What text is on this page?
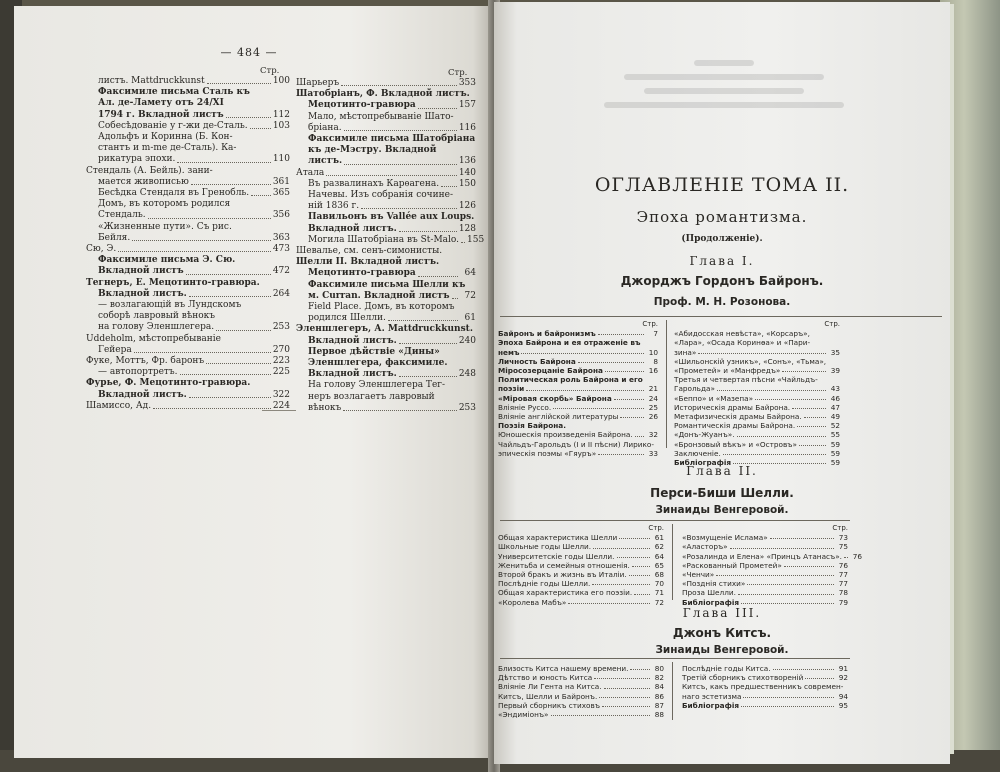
— 484 —
Стр.
листъ. Mattdruckkunst	100
Факсимиле письма Сталь къ
Ал. де-Ламету отъ 24/XI
1794 г. Вкладной листъ	112
Собесѣдованіе у г-жи де-Сталь.	103
Адольфъ и Коринна (Б. Кон-
стантъ и m-me де-Сталь). Ка-
рикатура эпохи.	110
Стендаль (А. Бейль). зани-
мается живописью	361
Бесѣдка Стендаля въ Гренобль.	365
Домъ, въ которомъ родился
Стендаль.	356
«Жизненные пути». Съ рис.
Бейля.	363
Сю, Э.	473
Факсимиле письма Э. Сю.
Вкладной листъ	472
Тегнеръ, Е. Мецотинто-гравюра.
Вкладной листъ.	264
— возлагающій въ Лундскомъ
соборѣ лавровый вѣнокъ
на голову Эленшлегера.	253
Uddeholm, мѣстопребываніе
Гейера	270
Фуке, Моттъ, Фр. баронъ	223
— автопортретъ.	225
Фурье, Ф. Мецотинто-гравюра.
Вкладной листъ.	322
Шамиссо, Ад.	224
Стр.
Шарьеръ	353
Шатобріанъ, Ф. Вкладной листъ.
Мецотинто-гравюра	157
Мало, мѣстопребываніе Шато-
бріана.	116
Факсимиле письма Шатобріана
къ де-Мэстру. Вкладной
листъ.	136
Атала	140
Въ развалинахъ Карѳагена. 150
Начевы. Изъ собранія сочине-
ній 1836 г.	126
Павильонъ въ Vallée aux Loups.
Вкладной листъ.	128
Могила Шатобріана въ St-Malo. 155
Шевалье, см. сенъ-симонисты.
Шелли II. Вкладной листъ.
Мецотинто-гравюра	64
Факсимиле письма Шелли къ
м. Curran. Вкладной листъ	72
Field Place. Домъ, въ которомъ
родился Шелли.	61
Эленшлегеръ, А. Mattdruckkunst.
Вкладной листъ.	240
Первое дѣйствіе «Дины»
Эленшлегера, факсимиле.
Вкладной листъ.	248
На голову Эленшлегера Тег-
неръ возлагаетъ лавровый
вѣнокъ	253
ОГЛАВЛЕНІЕ ТОМА II.
Эпоха романтизма.
(Продолженіе).
Глава I.
Джорджъ Гордонъ Байронъ.
Проф. М. Н. Розонова.
Стр.
Байронъ и байронизмъ	7
Эпоха Байрона и ея отраженіе въ
немъ	10
Личность Байрона	8
Міросозерцаніе Байрона	16
Политическая роль Байрона и его
поэзіи	21
«Міровая скорбь» Байрона	24
Вліяніе Руссо.	25
Вліяніе англійской литературы	26
Поэзія Байрона.
Юношескія произведенія Байрона.	32
Чайльдъ-Гарольдъ (I и II пѣсни) Лирико-
эпическія поэмы «Гяуръ»	33
Стр.
«Абидосская невѣста», «Корсаръ»,
«Лара», «Осада Коринѳа» и «Пари-
зина»	35
«Шильонскій узникъ», «Сонъ», «Тьма»,
«Прометей» и «Манфредъ»	39
Третья и четвертая пѣсни «Чайльдъ-
Гарольда»	43
«Беппо» и «Мазепа»	46
Историческія драмы Байрона.	47
Метафизическія драмы Байрона.	49
Романтическія драмы Байрона.	52
«Донъ-Жуанъ».	55
«Бронзовый вѣкъ» и «Островъ»	59
Заключеніе.	59
Библіографія	59
Глава II.
Перси-Биши Шелли.
Зинаиды Венгеровой.
Стр.
Общая характеристика Шелли	61
Школьные годы Шелли.	62
Университетскіе годы Шелли.	64
Женитьба и семейныя отношенія.	65
Второй бракъ и жизнь въ Италіи.	68
Послѣдніе годы Шелли.	70
Общая характеристика его поэзіи.	71
«Королева Мабъ»	72
Стр.
«Возмущеніе Ислама»	73
«Аласторъ»	75
«Розалинда и Елена» «Принцъ Атанасъ».	76
«Раскованный Прометей»	76
«Ченчи»	77
«Позднія стихи»	77
Проза Шелли.	78
Библіографія	79
Глава III.
Джонъ Китсъ.
Зинаиды Венгеровой.
Близость Китса нашему времени.	80
Дѣтство и юность Китса	82
Вліяніе Ли Гента на Китса.	84
Китсъ, Шелли и Байронъ.	86
Первый сборникъ стиховъ	87
«Эндиміонъ»	88
Послѣдніе годы Китса.	91
Третій сборникъ стихотвореній	92
Китсъ, какъ предшественникъ современ-
наго эстетизма	94
Библіографія	95
